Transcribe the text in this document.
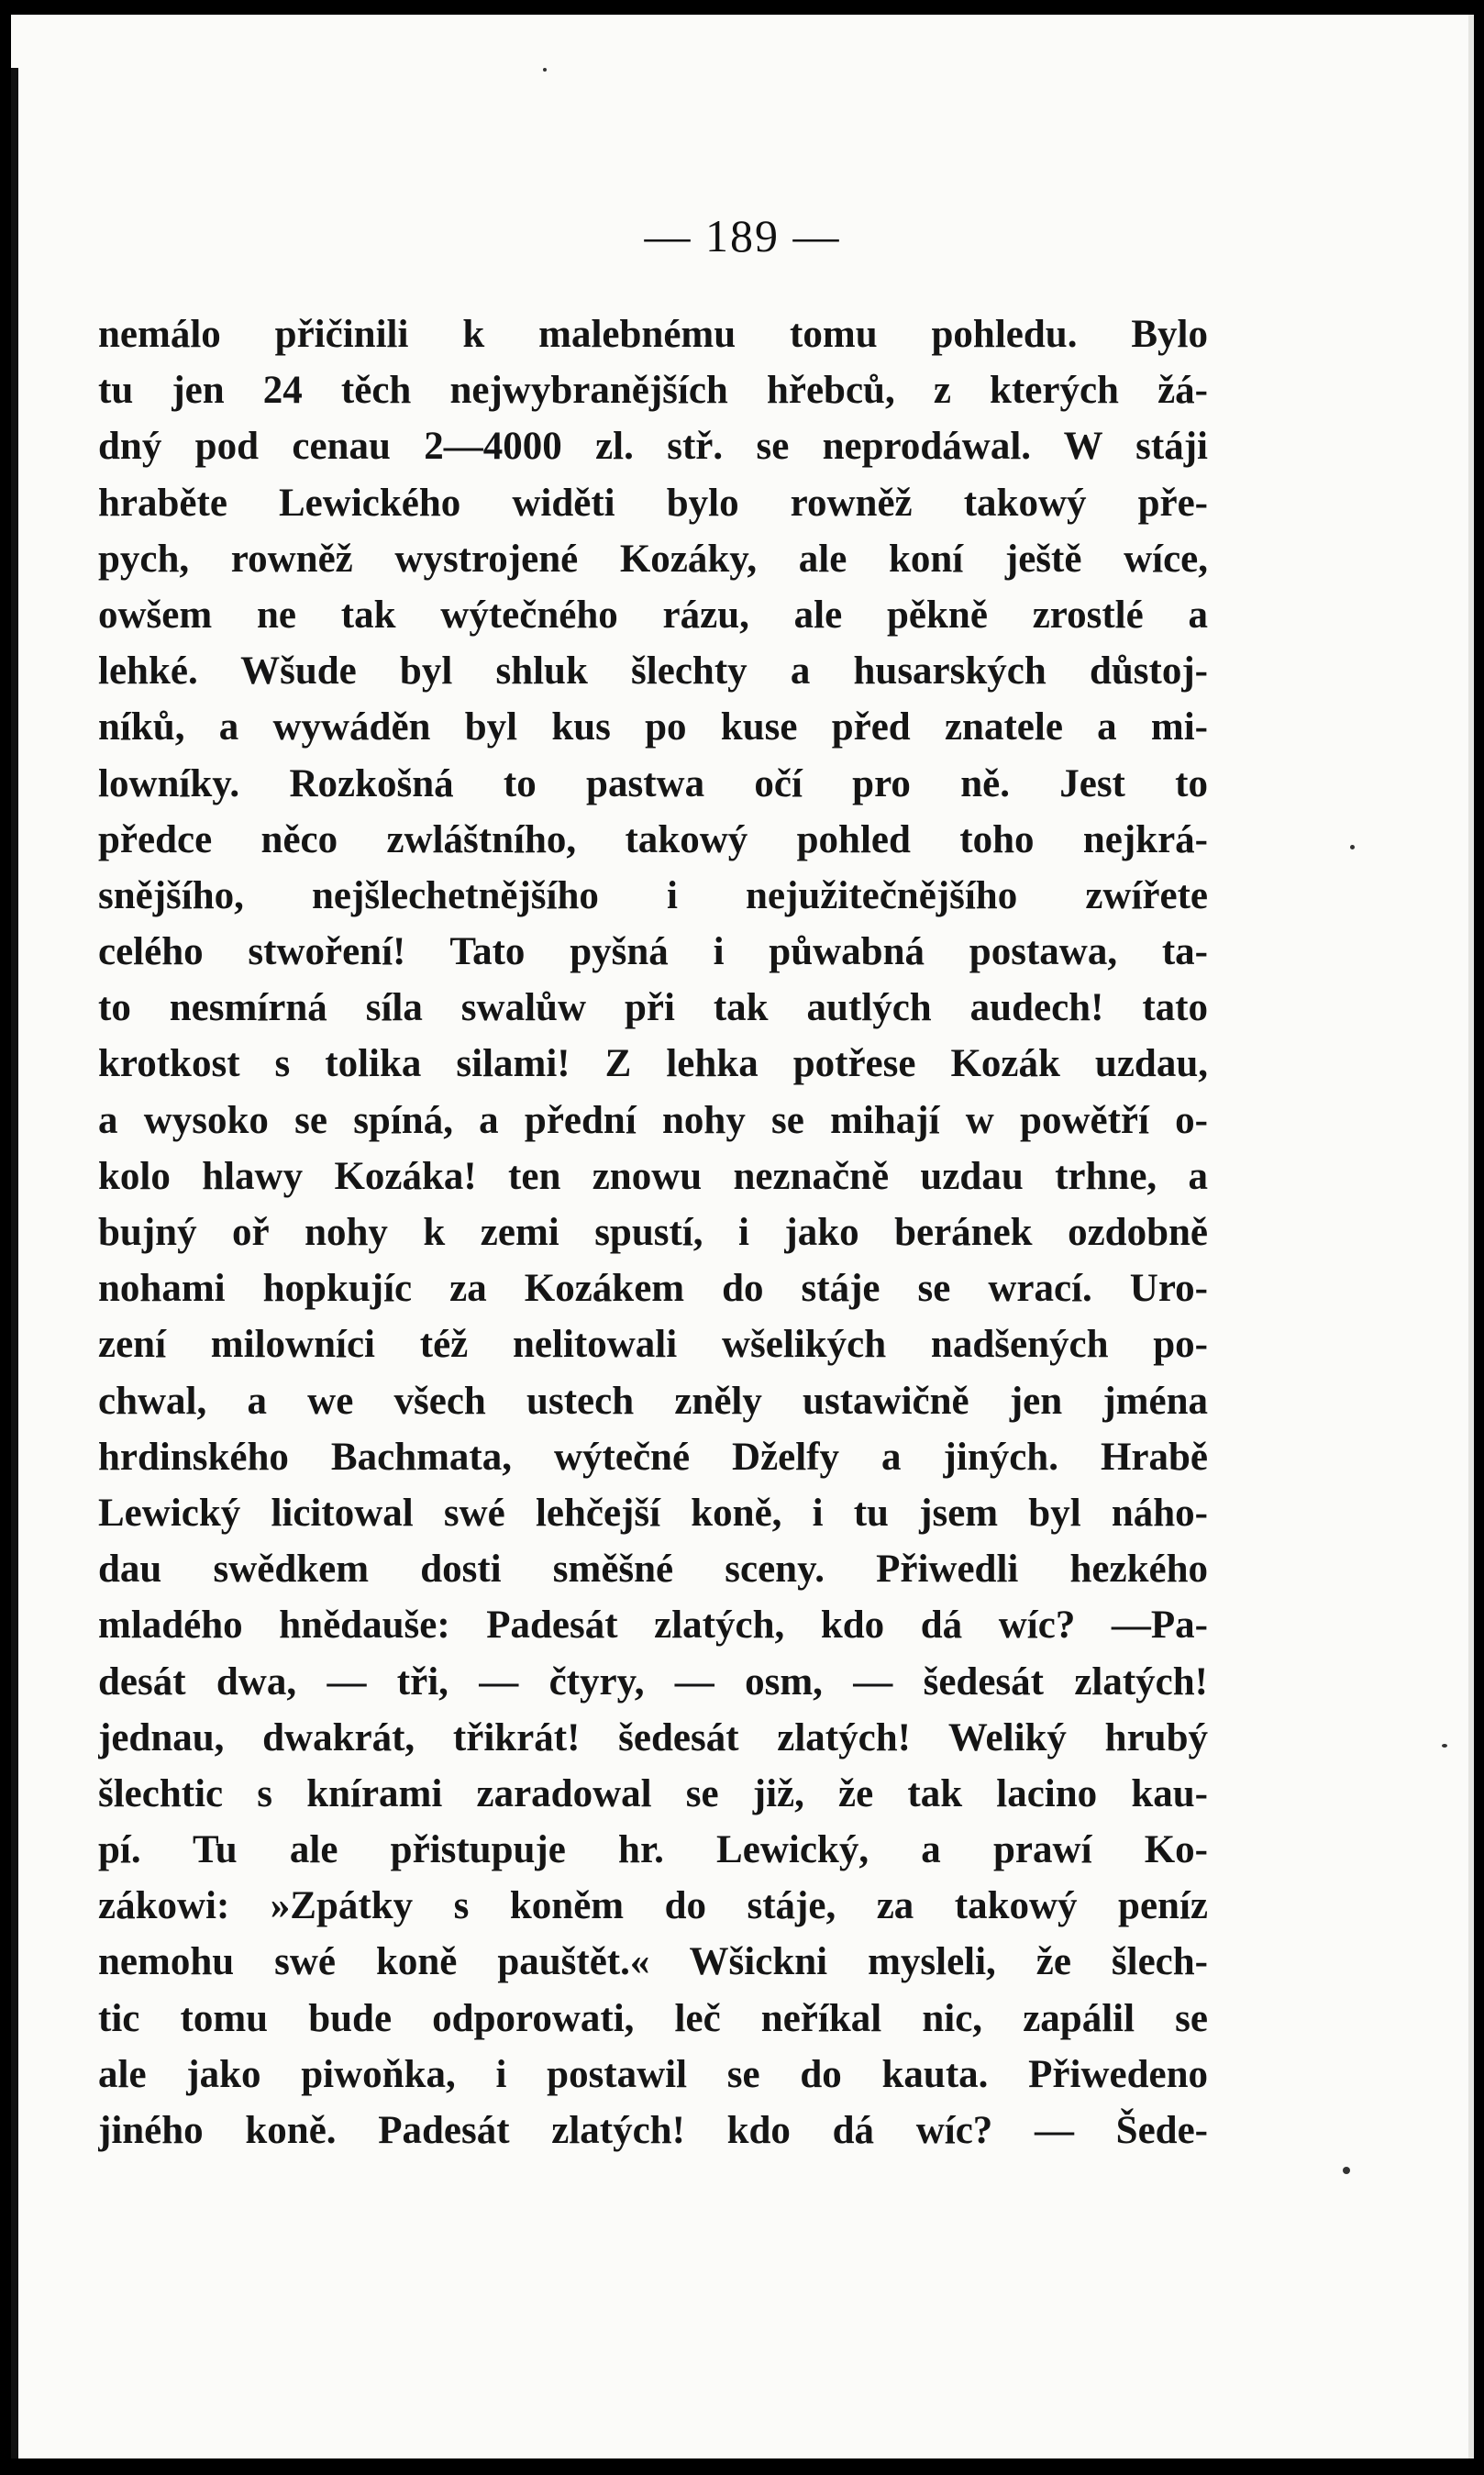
— 189 —
nemálo přičinili k malebnému tomu pohledu. Bylo
tu jen 24 těch nejwybranějších hřebců, z kterých žá-
dný pod cenau 2—4000 zl. stř. se neprodáwal. W stáji
hraběte Lewického widěti bylo rowněž takowý pře-
pych, rowněž wystrojené Kozáky, ale koní ještě wíce,
owšem ne tak wýtečného rázu, ale pěkně zrostlé a
lehké. Wšude byl shluk šlechty a husarských důstoj-
níků, a wywáděn byl kus po kuse před znatele a mi-
lowníky. Rozkošná to pastwa očí pro ně. Jest to
předce něco zwláštního, takowý pohled toho nejkrá-
snějšího, nejšlechetnějšího i nejužitečnějšího zwířete
celého stwoření! Tato pyšná i půwabná postawa, ta-
to nesmírná síla swalůw při tak autlých audech! tato
krotkost s tolika silami! Z lehka potřese Kozák uzdau,
a wysoko se spíná, a přední nohy se mihají w powětří o-
kolo hlawy Kozáka! ten znowu neznačně uzdau trhne, a
bujný oř nohy k zemi spustí, i jako beránek ozdobně
nohami hopkujíc za Kozákem do stáje se wrací. Uro-
zení milowníci též nelitowali wšelikých nadšených po-
chwal, a we všech ustech zněly ustawičně jen jména
hrdinského Bachmata, wýtečné Dželfy a jiných. Hrabě
Lewický licitowal swé lehčejší koně, i tu jsem byl náho-
dau swědkem dosti směšné sceny. Přiwedli hezkého
mladého hnědauše: Padesát zlatých, kdo dá wíc? —Pa-
desát dwa, — tři, — čtyry, — osm, — šedesát zlatých!
jednau, dwakrát, třikrát! šedesát zlatých! Weliký hrubý
šlechtic s knírami zaradowal se již, že tak lacino kau-
pí. Tu ale přistupuje hr. Lewický, a prawí Ko-
zákowi: »Zpátky s koněm do stáje, za takowý peníz
nemohu swé koně pauštět.« Wšickni mysleli, že šlech-
tic tomu bude odporowati, leč neříkal nic, zapálil se
ale jako piwoňka, i postawil se do kauta. Přiwedeno
jiného koně. Padesát zlatých! kdo dá wíc? — Šede-
